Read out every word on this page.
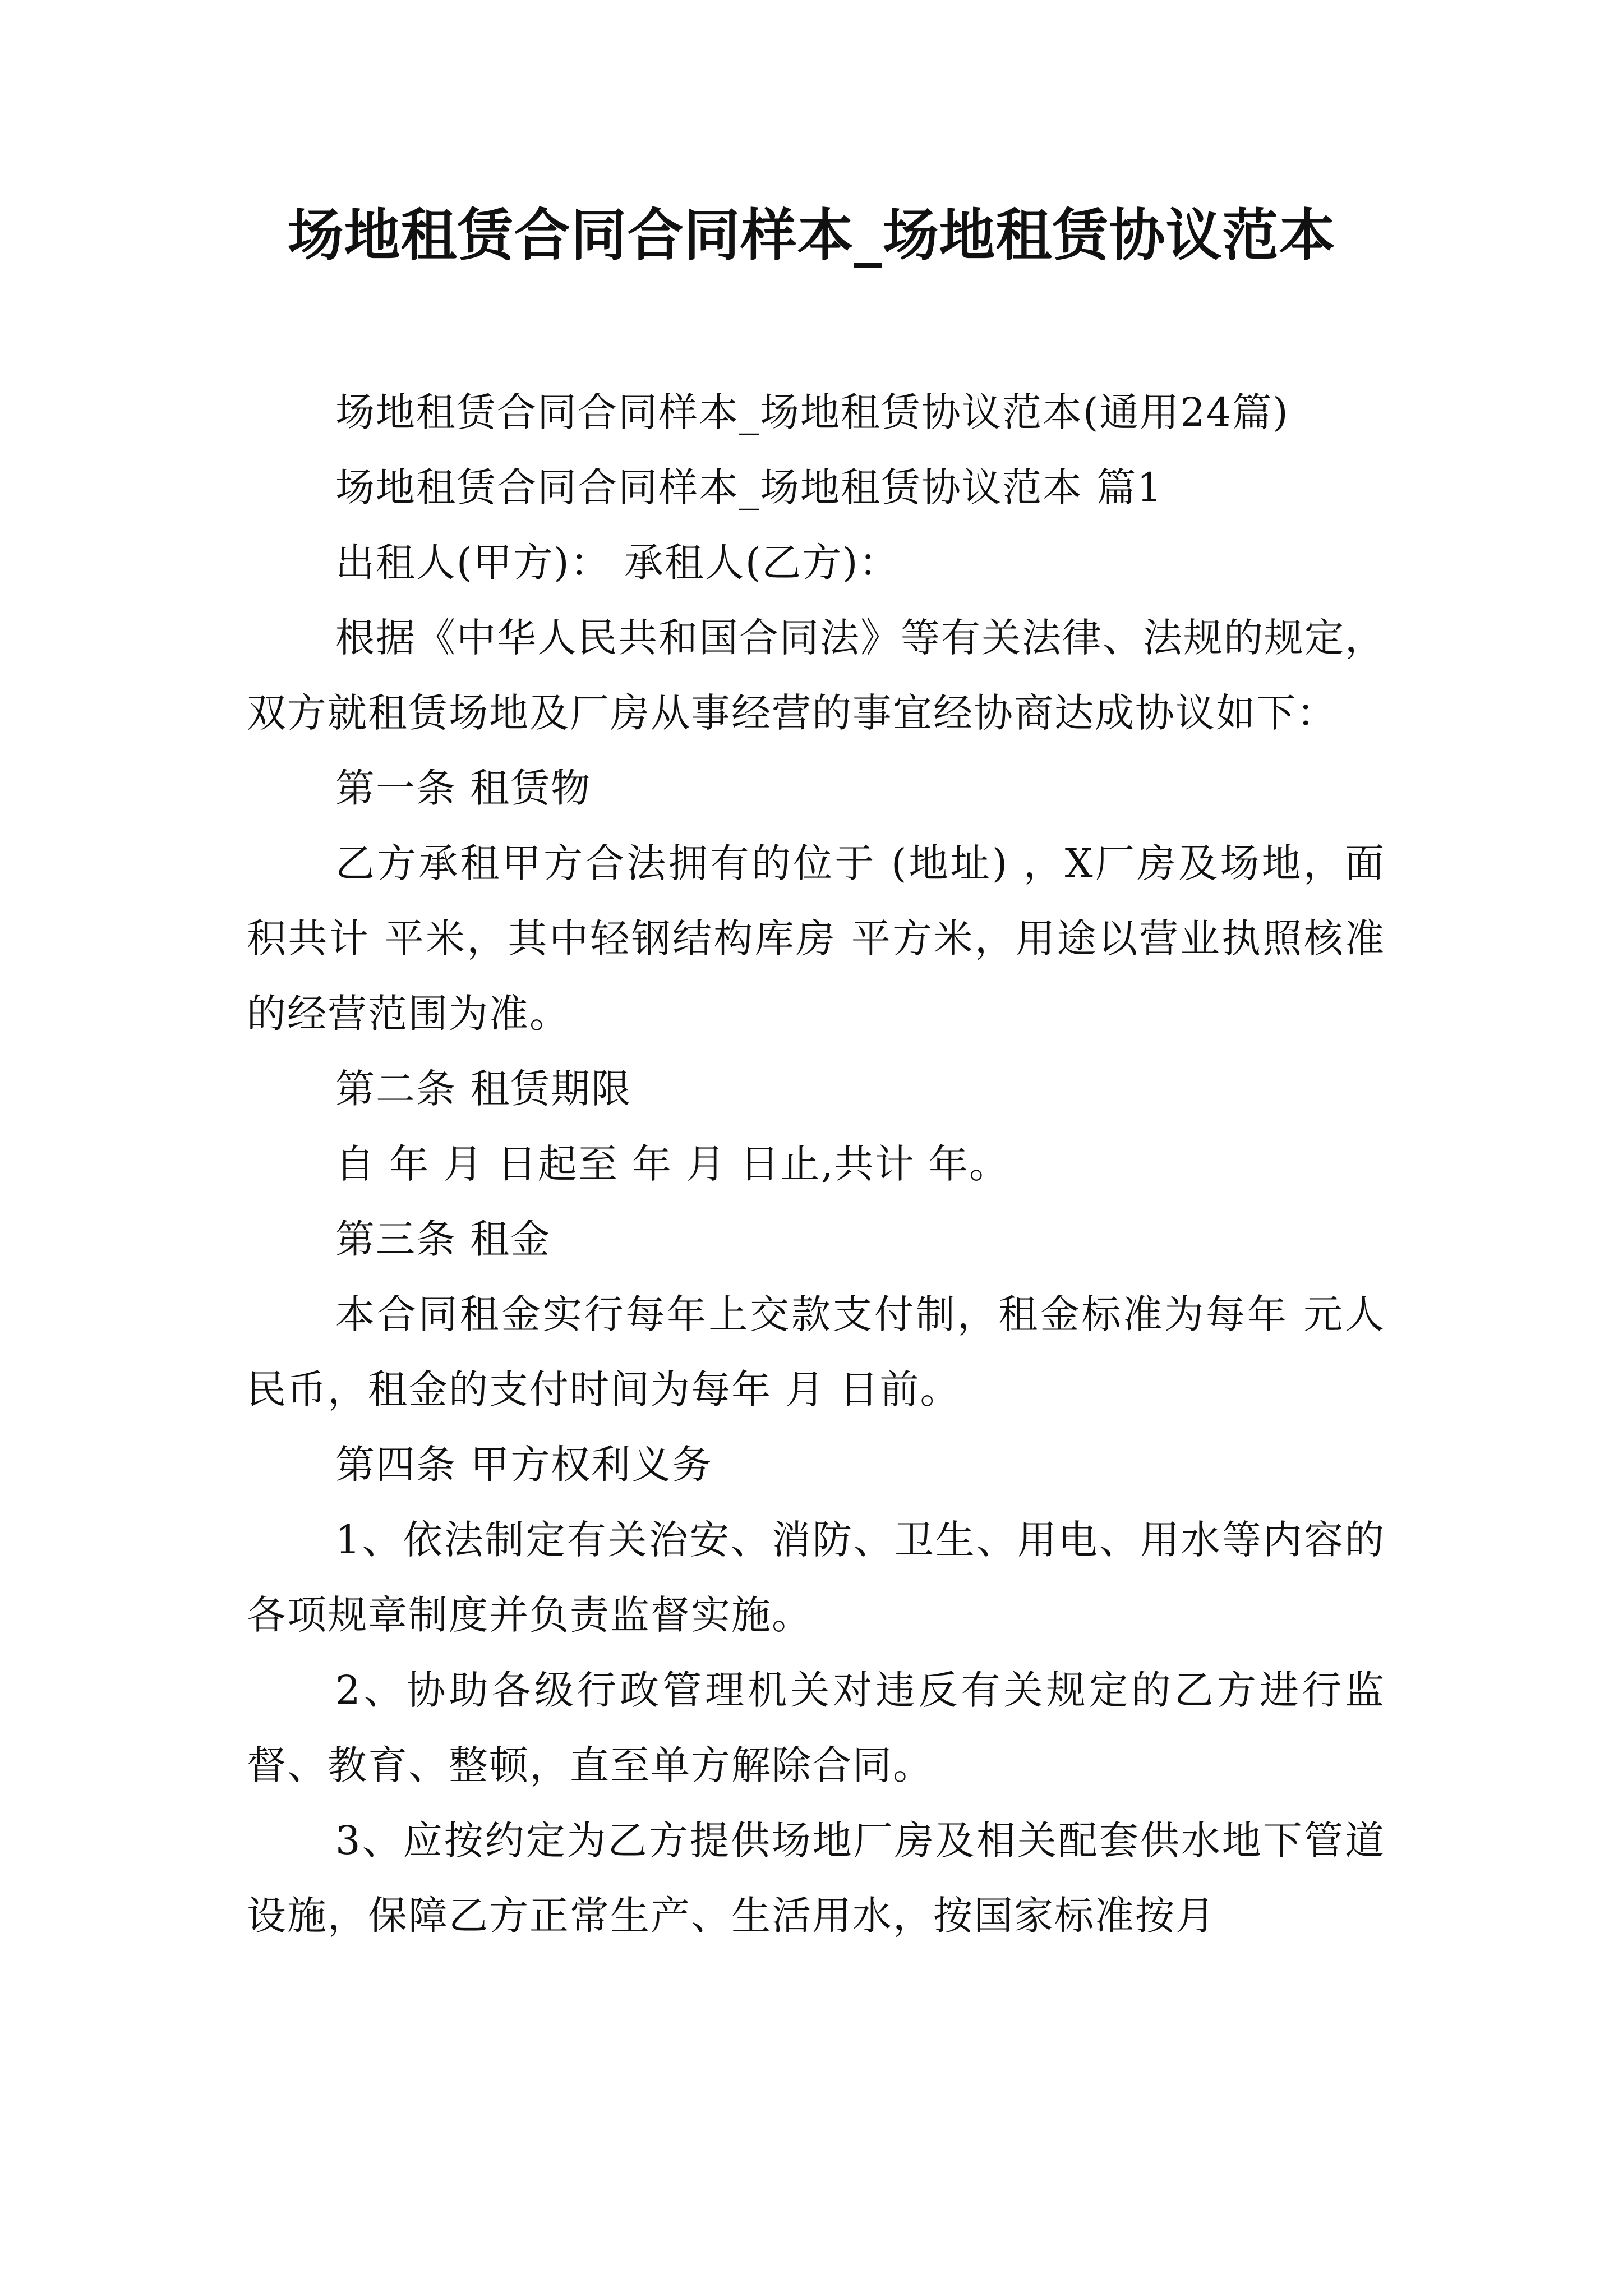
场地租赁合同合同样本_场地租赁协议范本

场地租赁合同合同样本_场地租赁协议范本(通用24篇)

场地租赁合同合同样本_场地租赁协议范本 篇1

出租人(甲方)： 承租人(乙方)：

根据《中华人民共和国合同法》等有关法律、法规的规定，双方就租赁场地及厂房从事经营的事宜经协商达成协议如下：

第一条 租赁物

乙方承租甲方合法拥有的位于 (地址) ，X厂房及场地，面积共计 平米，其中轻钢结构库房 平方米，用途以营业执照核准的经营范围为准。

第二条 租赁期限

自 年 月 日起至 年 月 日止,共计 年。

第三条 租金

本合同租金实行每年上交款支付制，租金标准为每年 元人民币，租金的支付时间为每年 月 日前。

第四条 甲方权利义务

1、依法制定有关治安、消防、卫生、用电、用水等内容的各项规章制度并负责监督实施。

2、协助各级行政管理机关对违反有关规定的乙方进行监督、教育、整顿，直至单方解除合同。

3、应按约定为乙方提供场地厂房及相关配套供水地下管道设施，保障乙方正常生产、生活用水，按国家标准按月
